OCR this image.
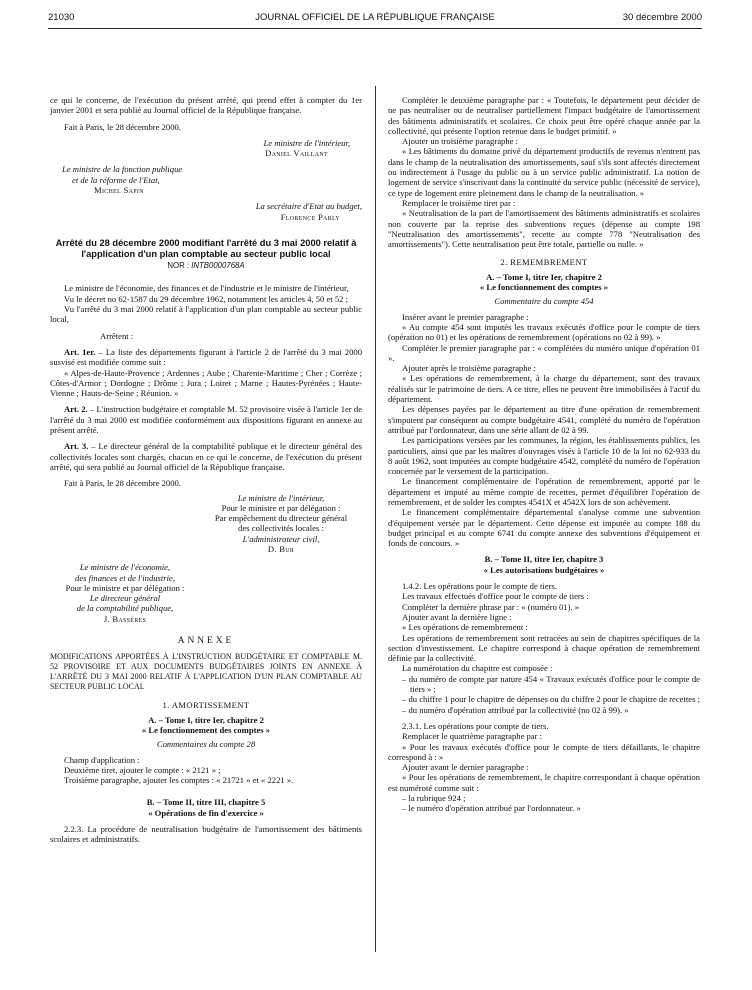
21030	JOURNAL OFFICIEL DE LA RÉPUBLIQUE FRANÇAISE	30 décembre 2000

ce qui le concerne, de l'exécution du présent arrêté, qui prend effet à compter du 1er janvier 2001 et sera publié au Journal officiel de la République française.

Fait à Paris, le 28 décembre 2000.

Le ministre de l'intérieur,

Daniel Vaillant

Le ministre de la fonction publique

et de la réforme de l'Etat,

Michel Sapin

La secrétaire d'Etat au budget,

Florence Parly

Arrêté du 28 décembre 2000 modifiant l'arrêté du 3 mai 2000 relatif à l'application d'un plan comptable au secteur public local

NOR : INTB0000768A

Le ministre de l'économie, des finances et de l'industrie et le ministre de l'intérieur,

Vu le décret no 62-1587 du 29 décembre 1962, notamment les articles 4, 50 et 52 ;

Vu l'arrêté du 3 mai 2000 relatif à l'application d'un plan comptable au secteur public local,

Arrêtent :

Art. 1er. – La liste des départements figurant à l'article 2 de l'arrêté du 3 mai 2000 susvisé est modifiée comme suit :

« Alpes-de-Haute-Provence ; Ardennes ; Aube ; Charente-Maritime ; Cher ; Corrèze ; Côtes-d'Armor ; Dordogne ; Drôme ; Jura ; Loiret ; Marne ; Hautes-Pyrénées ; Haute-Vienne ; Hauts-de-Seine ; Réunion. »

Art. 2. – L'instruction budgétaire et comptable M. 52 provisoire visée à l'article 1er de l'arrêté du 3 mai 2000 est modifiée conformément aux dispositions figurant en annexe au présent arrêté.

Art. 3. – Le directeur général de la comptabilité publique et le directeur général des collectivités locales sont chargés, chacun en ce qui le concerne, de l'exécution du présent arrêté, qui sera publié au Journal officiel de la République française.

Fait à Paris, le 28 décembre 2000.

Le ministre de l'intérieur,

Pour le ministre et par délégation :

Par empêchement du directeur général

des collectivités locales :

L'administrateur civil,

D. Bur

Le ministre de l'économie,

des finances et de l'industrie,

Pour le ministre et par délégation :

Le directeur général

de la comptabilité publique,

J. Bassères

ANNEXE

MODIFICATIONS APPORTÉES À L'INSTRUCTION BUDGÉTAIRE ET COMPTABLE M. 52 PROVISOIRE ET AUX DOCUMENTS BUDGÉTAIRES JOINTS EN ANNEXE À L'ARRÊTÉ DU 3 MAI 2000 RELATIF À L'APPLICATION D'UN PLAN COMPTABLE AU SECTEUR PUBLIC LOCAL

1. AMORTISSEMENT

A. – Tome I, titre Ier, chapitre 2

« Le fonctionnement des comptes »

Commentaires du compte 28

Champ d'application :

Deuxième tiret, ajouter le compte : « 2121 » ;

Troisième paragraphe, ajouter les comptes : « 21721 » et « 2221 ».

B. – Tome II, titre III, chapitre 5

« Opérations de fin d'exercice »

2.2.3. La procédure de neutralisation budgétaire de l'amortissement des bâtiments scolaires et administratifs.

Compléter le deuxième paragraphe par : « Toutefois, le département peut décider de ne pas neutraliser ou de neutraliser partiellement l'impact budgétaire de l'amortissement des bâtiments administratifs et scolaires. Ce choix peut être opéré chaque année par la collectivité, qui présente l'option retenue dans le budget primitif. »

Ajouter un troisième paragraphe :

« Les bâtiments du domaine privé du département productifs de revenus n'entrent pas dans le champ de la neutralisation des amortissements, sauf s'ils sont affectés directement ou indirectement à l'usage du public ou à un service public administratif. La notion de logement de service s'inscrivant dans la continuité du service public (nécessité de service), ce type de logement entre pleinement dans le champ de la neutralisation. »

Remplacer le troisième tiret par :

« Neutralisation de la part de l'amortissement des bâtiments administratifs et scolaires non couverte par la reprise des subventions reçues (dépense au compte 198 "Neutralisation des amortissements", recette au compte 778 "Neutralisation des amortissements"). Cette neutralisation peut être totale, partielle ou nulle. »

2. REMEMBREMENT

A. – Tome I, titre Ier, chapitre 2

« Le fonctionnement des comptes »

Commentaire du compte 454

Insérer avant le premier paragraphe :

« Au compte 454 sont imputés les travaux exécutés d'office pour le compte de tiers (opération no 01) et les opérations de remembrement (opérations no 02 à 99). »

Compléter le premier paragraphe par : « complétées du numéro unique d'opération 01 ».

Ajouter après le troisième paragraphe :

« Les opérations de remembrement, à la charge du département, sont des travaux réalisés sur le patrimoine de tiers. A ce titre, elles ne peuvent être immobilisées à l'actif du département.

Les dépenses payées par le département au titre d'une opération de remembrement s'imputent par conséquent au compte budgétaire 4541, complété du numéro de l'opération attribué par l'ordonnateur, dans une série allant de 02 à 99.

Les participations versées par les communes, la région, les établissements publics, les particuliers, ainsi que par les maîtres d'ouvrages visés à l'article 10 de la loi no 62-933 du 8 août 1962, sont imputées au compte budgétaire 4542, complété du numéro de l'opération concernée par le versement de la participation.

Le financement complémentaire de l'opération de remembrement, apporté par le département et imputé au même compte de recettes, permet d'équilibrer l'opération de remembrement, et de solder les comptes 4541X et 4542X lors de son achèvement.

Le financement complémentaire départemental s'analyse comme une subvention d'équipement versée par le département. Cette dépense est imputée au compte 188 du budget principal et au compte 6741 du compte annexe des subventions d'équipement et fonds de concours. »

B. – Tome II, titre Ier, chapitre 3

« Les autorisations budgétaires »

1.4.2. Les opérations pour le compte de tiers.

Les travaux effectués d'office pour le compte de tiers :

Compléter la dernière phrase par : « (numéro 01). »

Ajouter avant la dernière ligne :

« Les opérations de remembrement :

Les opérations de remembrement sont retracées au sein de chapitres spécifiques de la section d'investissement. Le chapitre correspond à chaque opération de remembrement définie par la collectivité.

La numérotation du chapitre est composée :

– du numéro de compte par nature 454 « Travaux exécutés d'office pour le compte de tiers » ;

– du chiffre 1 pour le chapitre de dépenses ou du chiffre 2 pour le chapitre de recettes ;

– du numéro d'opération attribué par la collectivité (no 02 à 99). »

2.3.1. Les opérations pour compte de tiers.

Remplacer le quatrième paragraphe par :

« Pour les travaux exécutés d'office pour le compte de tiers défaillants, le chapitre correspond à : »

Ajouter avant le dernier paragraphe :

« Pour les opérations de remembrement, le chapitre correspondant à chaque opération est numéroté comme suit :

– la rubrique 924 ;

– le numéro d'opération attribué par l'ordonnateur. »
